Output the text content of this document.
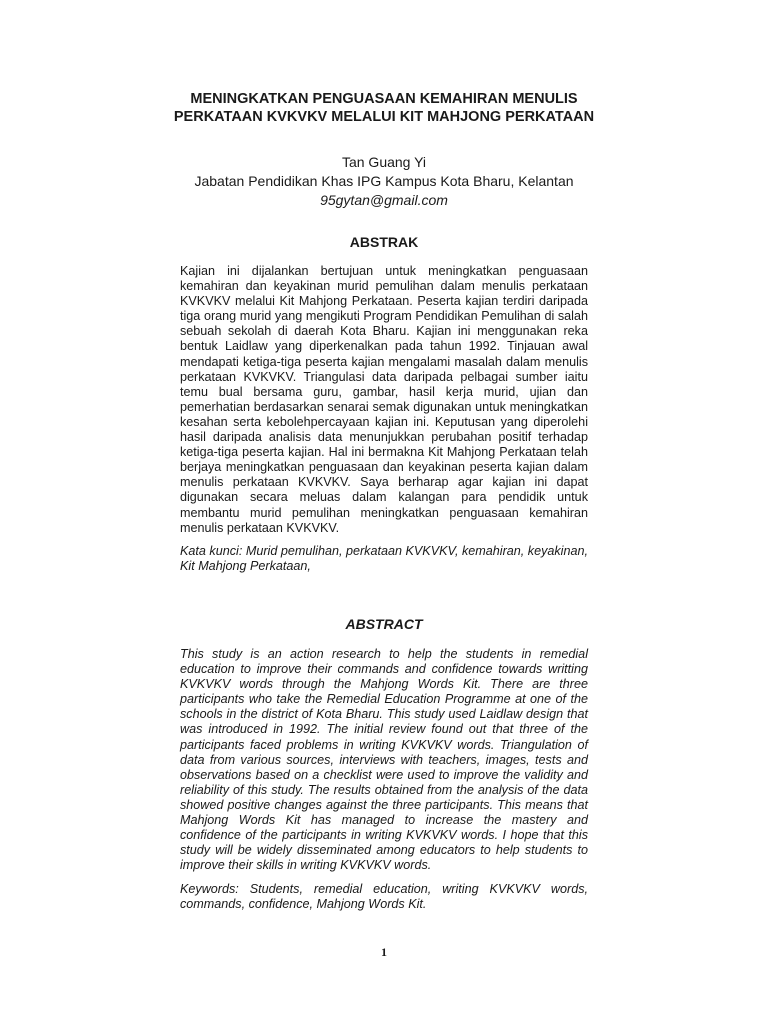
MENINGKATKAN PENGUASAAN KEMAHIRAN MENULIS
PERKATAAN KVKVKV MELALUI KIT MAHJONG PERKATAAN
Tan Guang Yi
Jabatan Pendidikan Khas IPG Kampus Kota Bharu, Kelantan
95gytan@gmail.com
ABSTRAK
Kajian ini dijalankan bertujuan untuk meningkatkan penguasaan kemahiran dan keyakinan murid pemulihan dalam menulis perkataan KVKVKV melalui Kit Mahjong Perkataan. Peserta kajian terdiri daripada tiga orang murid yang mengikuti Program Pendidikan Pemulihan di salah sebuah sekolah di daerah Kota Bharu. Kajian ini menggunakan reka bentuk Laidlaw yang diperkenalkan pada tahun 1992. Tinjauan awal mendapati ketiga-tiga peserta kajian mengalami masalah dalam menulis perkataan KVKVKV. Triangulasi data daripada pelbagai sumber iaitu temu bual bersama guru, gambar, hasil kerja murid, ujian dan pemerhatian berdasarkan senarai semak digunakan untuk meningkatkan kesahan serta kebolehpercayaan kajian ini. Keputusan yang diperolehi hasil daripada analisis data menunjukkan perubahan positif terhadap ketiga-tiga peserta kajian. Hal ini bermakna Kit Mahjong Perkataan telah berjaya meningkatkan penguasaan dan keyakinan peserta kajian dalam menulis perkataan KVKVKV. Saya berharap agar kajian ini dapat digunakan secara meluas dalam kalangan para pendidik untuk membantu murid pemulihan meningkatkan penguasaan kemahiran menulis perkataan KVKVKV.
Kata kunci: Murid pemulihan, perkataan KVKVKV, kemahiran, keyakinan, Kit Mahjong Perkataan,
ABSTRACT
This study is an action research to help the students in remedial education to improve their commands and confidence towards writting KVKVKV words through the Mahjong Words Kit. There are three participants who take the Remedial Education Programme at one of the schools in the district of Kota Bharu. This study used Laidlaw design that was introduced in 1992. The initial review found out that three of the participants faced problems in writing KVKVKV words. Triangulation of data from various sources, interviews with teachers, images, tests and observations based on a checklist were used to improve the validity and reliability of this study. The results obtained from the analysis of the data showed positive changes against the three participants. This means that Mahjong Words Kit has managed to increase the mastery and confidence of the participants in writing KVKVKV words. I hope that this study will be widely disseminated among educators to help students to improve their skills in writing KVKVKV words.
Keywords: Students, remedial education, writing KVKVKV words, commands, confidence, Mahjong Words Kit.
1
